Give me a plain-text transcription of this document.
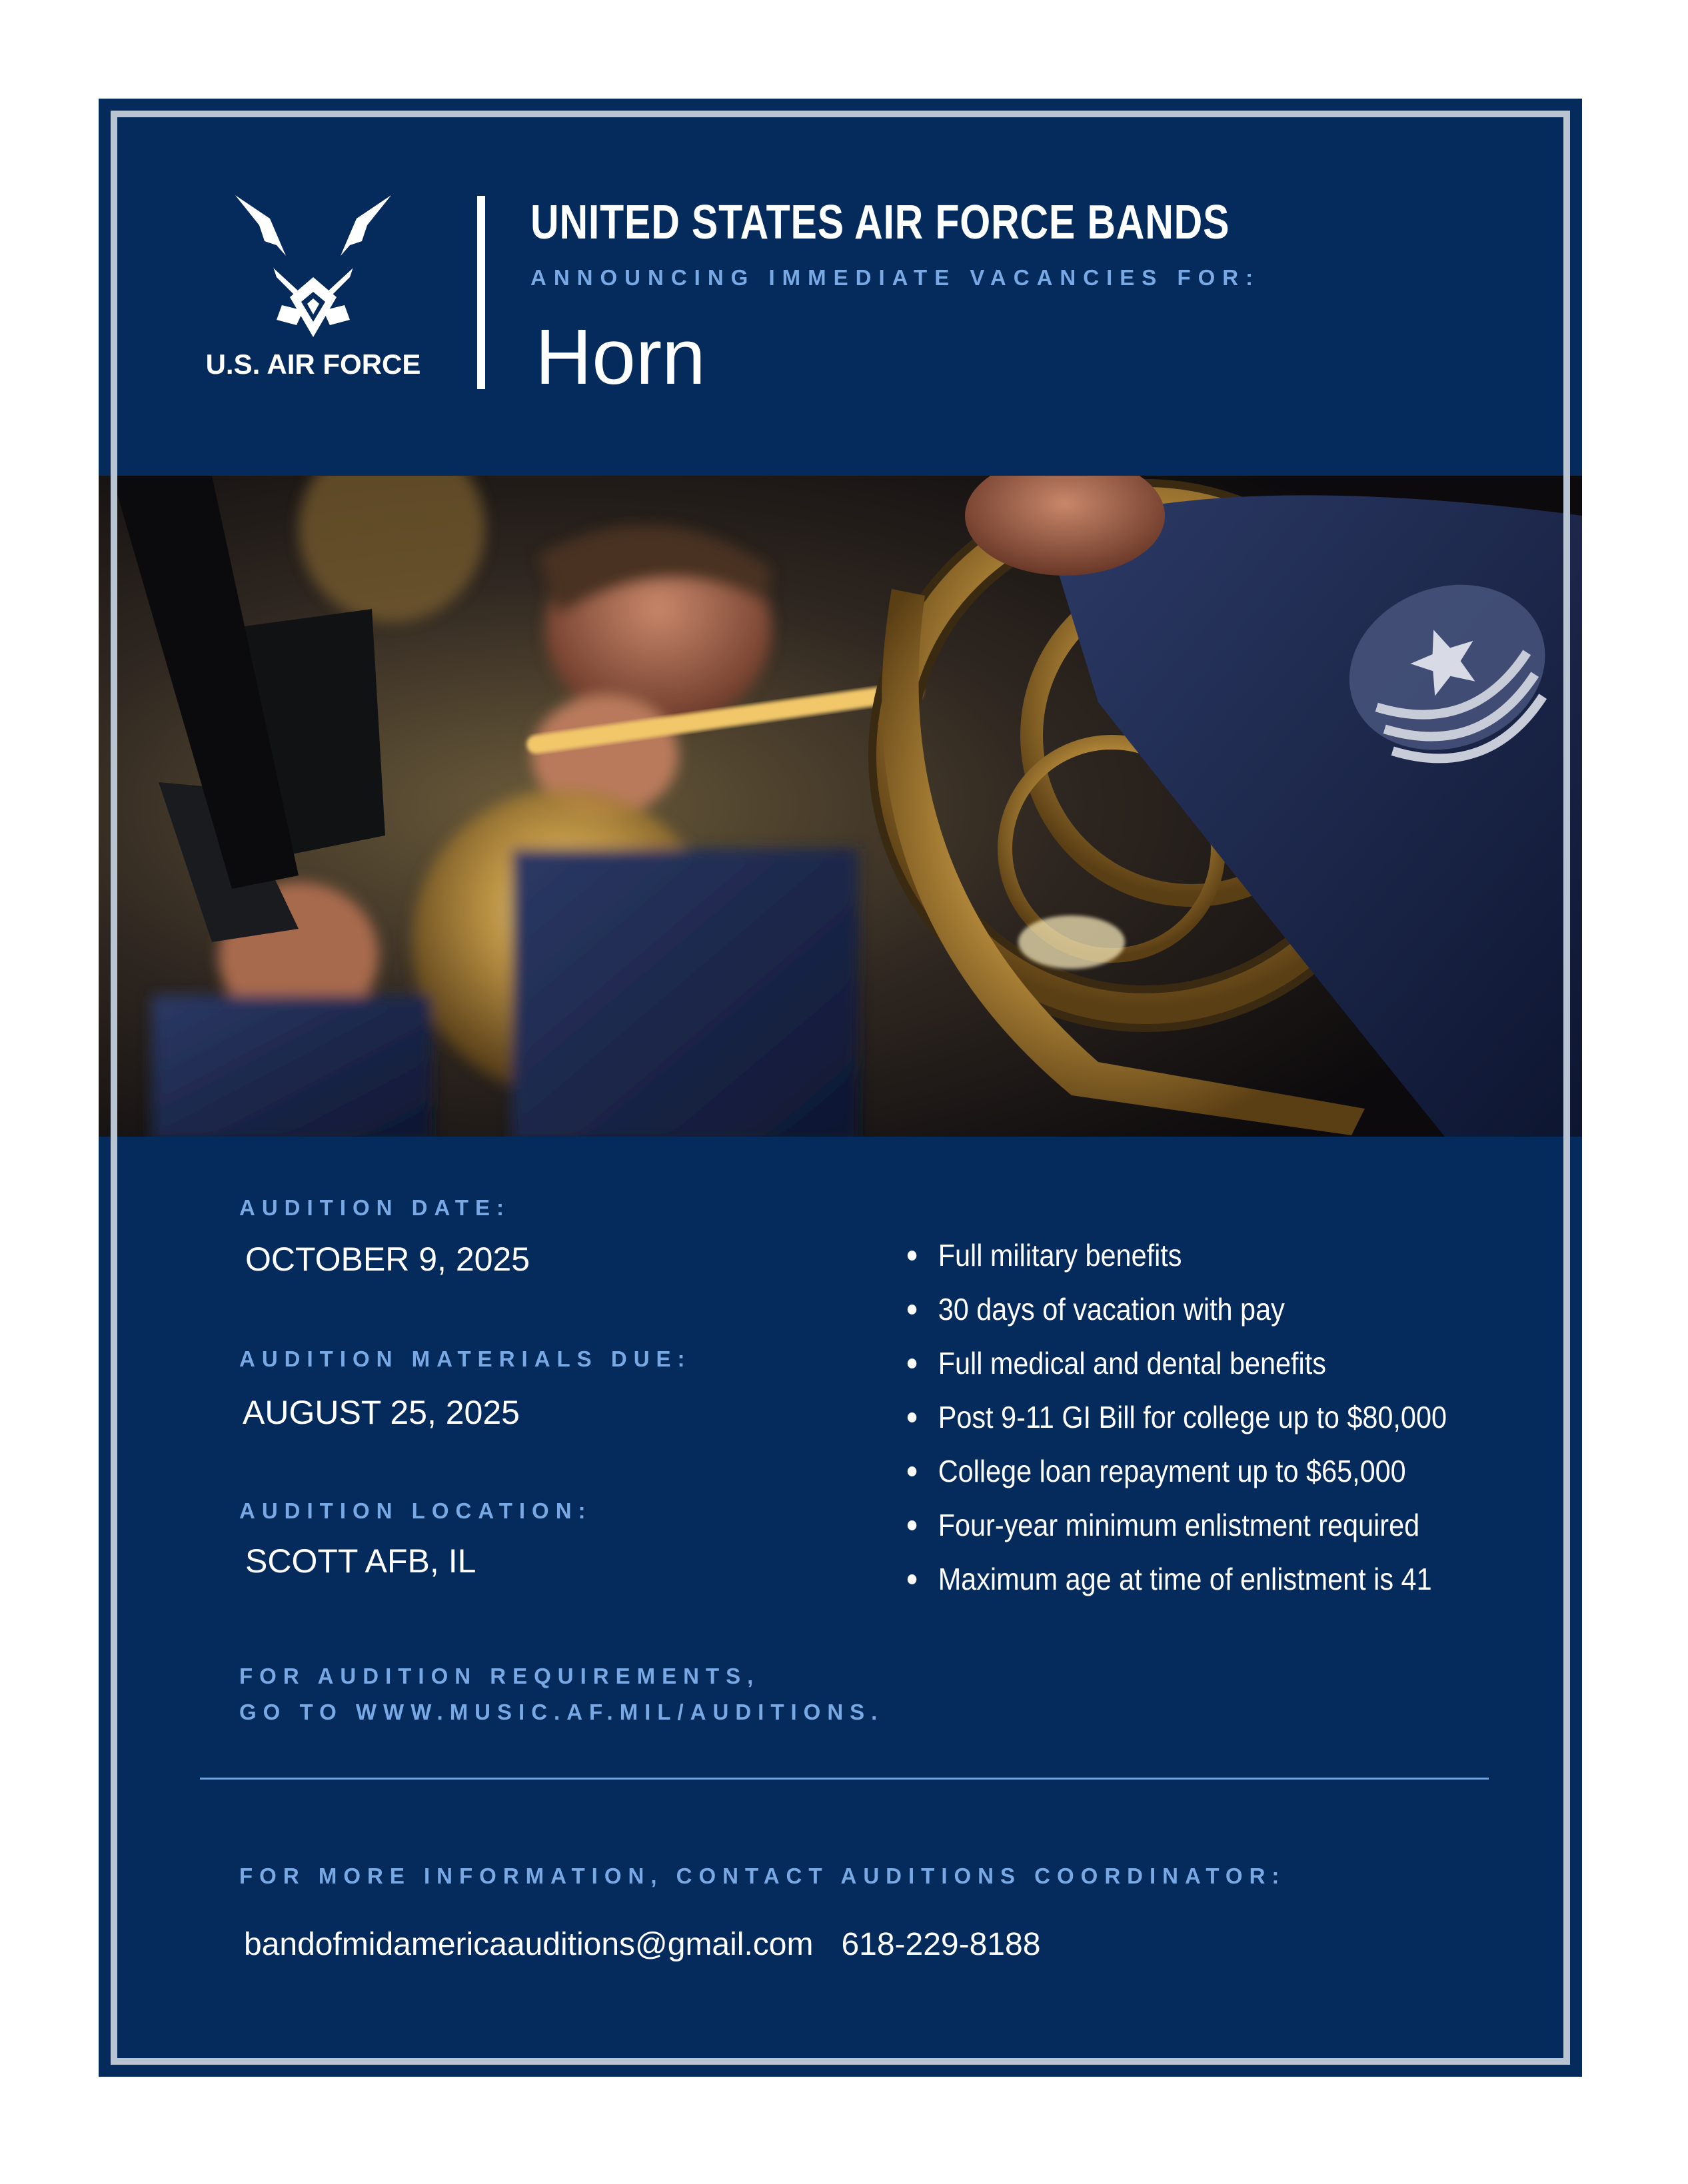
U.S. AIR FORCE
UNITED STATES AIR FORCE BANDS
ANNOUNCING IMMEDIATE VACANCIES FOR:
Horn
AUDITION DATE:
OCTOBER 9, 2025
AUDITION MATERIALS DUE:
AUGUST 25, 2025
AUDITION LOCATION:
SCOTT AFB, IL
FOR AUDITION REQUIREMENTS,
GO TO WWW.MUSIC.AF.MIL/AUDITIONS.
Full military benefits
30 days of vacation with pay
Full medical and dental benefits
Post 9-11 GI Bill for college up to $80,000
College loan repayment up to $65,000
Four-year minimum enlistment required
Maximum age at time of enlistment is 41
FOR MORE INFORMATION, CONTACT AUDITIONS COORDINATOR:
bandofmidamericaauditions@gmail.com 618-229-8188
